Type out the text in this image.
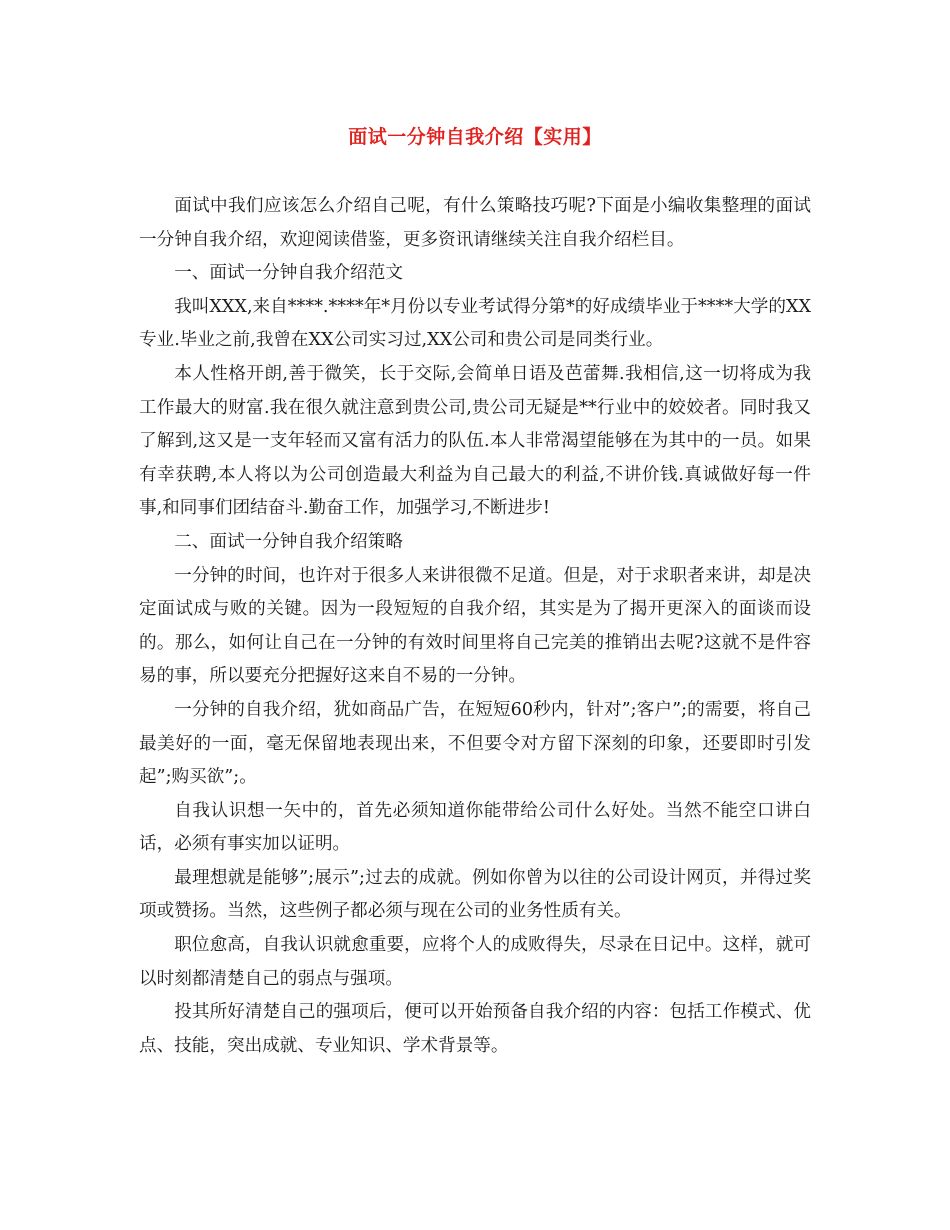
面试一分钟自我介绍【实用】

面试中我们应该怎么介绍自己呢，有什么策略技巧呢?下面是小编收集整理的面试一分钟自我介绍，欢迎阅读借鉴，更多资讯请继续关注自我介绍栏目。

一、面试一分钟自我介绍范文

我叫XXX,来自****.****年*月份以专业考试得分第*的好成绩毕业于****大学的XX专业.毕业之前,我曾在XX公司实习过,XX公司和贵公司是同类行业。

本人性格开朗,善于微笑，长于交际,会简单日语及芭蕾舞.我相信,这一切将成为我工作最大的财富.我在很久就注意到贵公司,贵公司无疑是**行业中的姣姣者。同时我又了解到,这又是一支年轻而又富有活力的队伍.本人非常渴望能够在为其中的一员。如果有幸获聘,本人将以为公司创造最大利益为自己最大的利益,不讲价钱.真诚做好每一件事,和同事们团结奋斗.勤奋工作，加强学习,不断进步!

二、面试一分钟自我介绍策略

一分钟的时间，也许对于很多人来讲很微不足道。但是，对于求职者来讲，却是决定面试成与败的关键。因为一段短短的自我介绍，其实是为了揭开更深入的面谈而设的。那么，如何让自己在一分钟的有效时间里将自己完美的推销出去呢?这就不是件容易的事，所以要充分把握好这来自不易的一分钟。

一分钟的自我介绍，犹如商品广告，在短短60秒内，针对”;客户”;的需要，将自己最美好的一面，毫无保留地表现出来，不但要令对方留下深刻的印象，还要即时引发起”;购买欲”;。

自我认识想一矢中的，首先必须知道你能带给公司什么好处。当然不能空口讲白话，必须有事实加以证明。

最理想就是能够”;展示”;过去的成就。例如你曾为以往的公司设计网页，并得过奖项或赞扬。当然，这些例子都必须与现在公司的业务性质有关。

职位愈高，自我认识就愈重要，应将个人的成败得失，尽录在日记中。这样，就可以时刻都清楚自己的弱点与强项。

投其所好清楚自己的强项后，便可以开始预备自我介绍的内容：包括工作模式、优点、技能，突出成就、专业知识、学术背景等。
